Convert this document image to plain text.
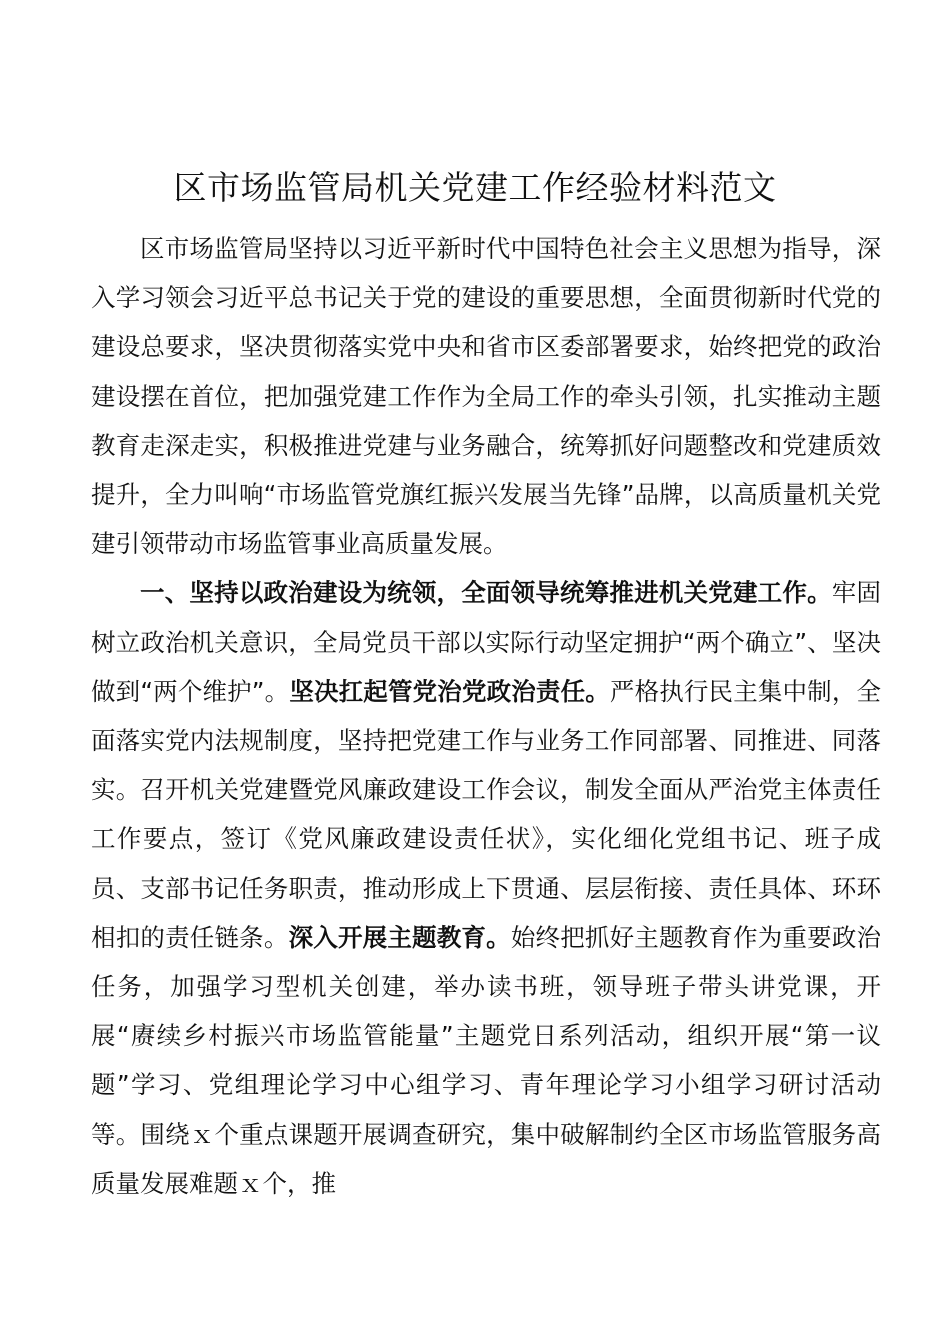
区市场监管局机关党建工作经验材料范文

区市场监管局坚持以习近平新时代中国特色社会主义思想为指导，深入学习领会习近平总书记关于党的建设的重要思想，全面贯彻新时代党的建设总要求，坚决贯彻落实党中央和省市区委部署要求，始终把党的政治建设摆在首位，把加强党建工作作为全局工作的牵头引领，扎实推动主题教育走深走实，积极推进党建与业务融合，统筹抓好问题整改和党建质效提升，全力叫响“市场监管党旗红振兴发展当先锋”品牌，以高质量机关党建引领带动市场监管事业高质量发展。

一、坚持以政治建设为统领，全面领导统筹推进机关党建工作。牢固树立政治机关意识，全局党员干部以实际行动坚定拥护“两个确立”、坚决做到“两个维护”。坚决扛起管党治党政治责任。严格执行民主集中制，全面落实党内法规制度，坚持把党建工作与业务工作同部署、同推进、同落实。召开机关党建暨党风廉政建设工作会议，制发全面从严治党主体责任工作要点，签订《党风廉政建设责任状》，实化细化党组书记、班子成员、支部书记任务职责，推动形成上下贯通、层层衔接、责任具体、环环相扣的责任链条。深入开展主题教育。始终把抓好主题教育作为重要政治任务，加强学习型机关创建，举办读书班，领导班子带头讲党课，开展“赓续乡村振兴市场监管能量”主题党日系列活动，组织开展“第一议题”学习、党组理论学习中心组学习、青年理论学习小组学习研讨活动等。围绕ｘ个重点课题开展调查研究，集中破解制约全区市场监管服务高质量发展难题ｘ个，推
